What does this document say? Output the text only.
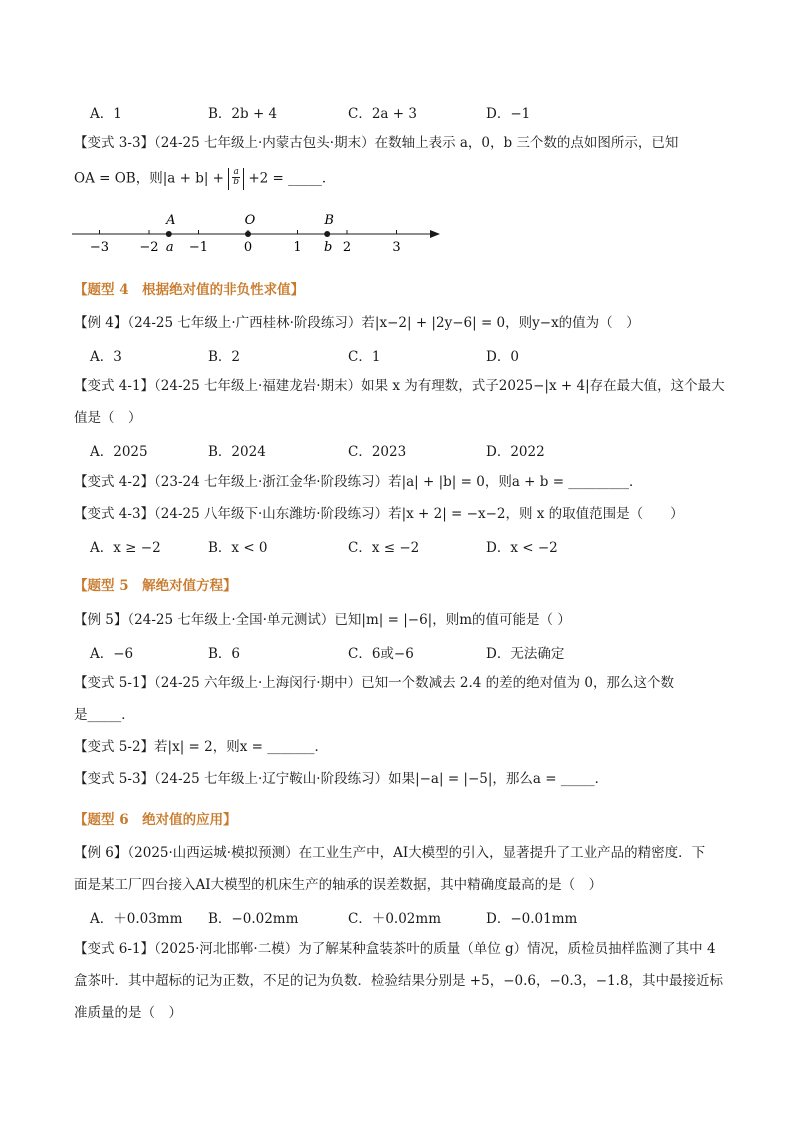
A．1	B．2b + 4	C．2a + 3	D．−1
【变式 3-3】（24-25 七年级上·内蒙古包头·期末）在数轴上表示 a，0，b 三个数的点如图所示，已知
OA = OB，则$|a + b| + \frac{a}{b} +2$ = _____．
−3 −2 −1	0	1	2	3
A
a
O	B
b
【题型 4　根据绝对值的非负性求值】
【例 4】（24-25 七年级上·广西桂林·阶段练习）若|x−2| + |2y−6| = 0，则y−x的值为（　）
A．3	B．2	C．1	D．0
【变式 4-1】（24-25 七年级上·福建龙岩·期末）如果 x 为有理数，式子2025−|x + 4|存在最大值，这个最大
值是（　）
A．2025	B．2024	C．2023	D．2022
【变式 4-2】（23-24 七年级上·浙江金华·阶段练习）若|a| + |b| = 0，则a + b = _________．
【变式 4-3】（24-25 八年级下·山东潍坊·阶段练习）若|x + 2| = −x−2，则 x 的取值范围是（　　）
A．x ≥ −2	B．x < 0	C．x ≤ −2	D．x < −2
【题型 5　解绝对值方程】
【例 5】（24-25 七年级上·全国·单元测试）已知|m| = |−6|，则m的值可能是（ ）
A．−6	B．6	C．6或−6	D．无法确定
【变式 5-1】（24-25 六年级上·上海闵行·期中）已知一个数减去 2.4 的差的绝对值为 0，那么这个数
是_____．
【变式 5-2】若|x| = 2，则x = _______．
【变式 5-3】（24-25 七年级上·辽宁鞍山·阶段练习）如果|−a| = |−5|，那么a = _____．
【题型 6　绝对值的应用】
【例 6】（2025·山西运城·模拟预测）在工业生产中，AI大模型的引入，显著提升了工业产品的精密度．下
面是某工厂四台接入AI大模型的机床生产的轴承的误差数据，其中精确度最高的是（　）
A．＋0.03mm B．−0.02mm	C．＋0.02mm	D．−0.01mm
【变式 6-1】（2025·河北邯郸·二模）为了解某种盒装茶叶的质量（单位 g）情况，质检员抽样监测了其中 4
盒茶叶．其中超标的记为正数，不足的记为负数．检验结果分别是 +5，−0.6，−0.3，−1.8，其中最接近标
准质量的是（　）
